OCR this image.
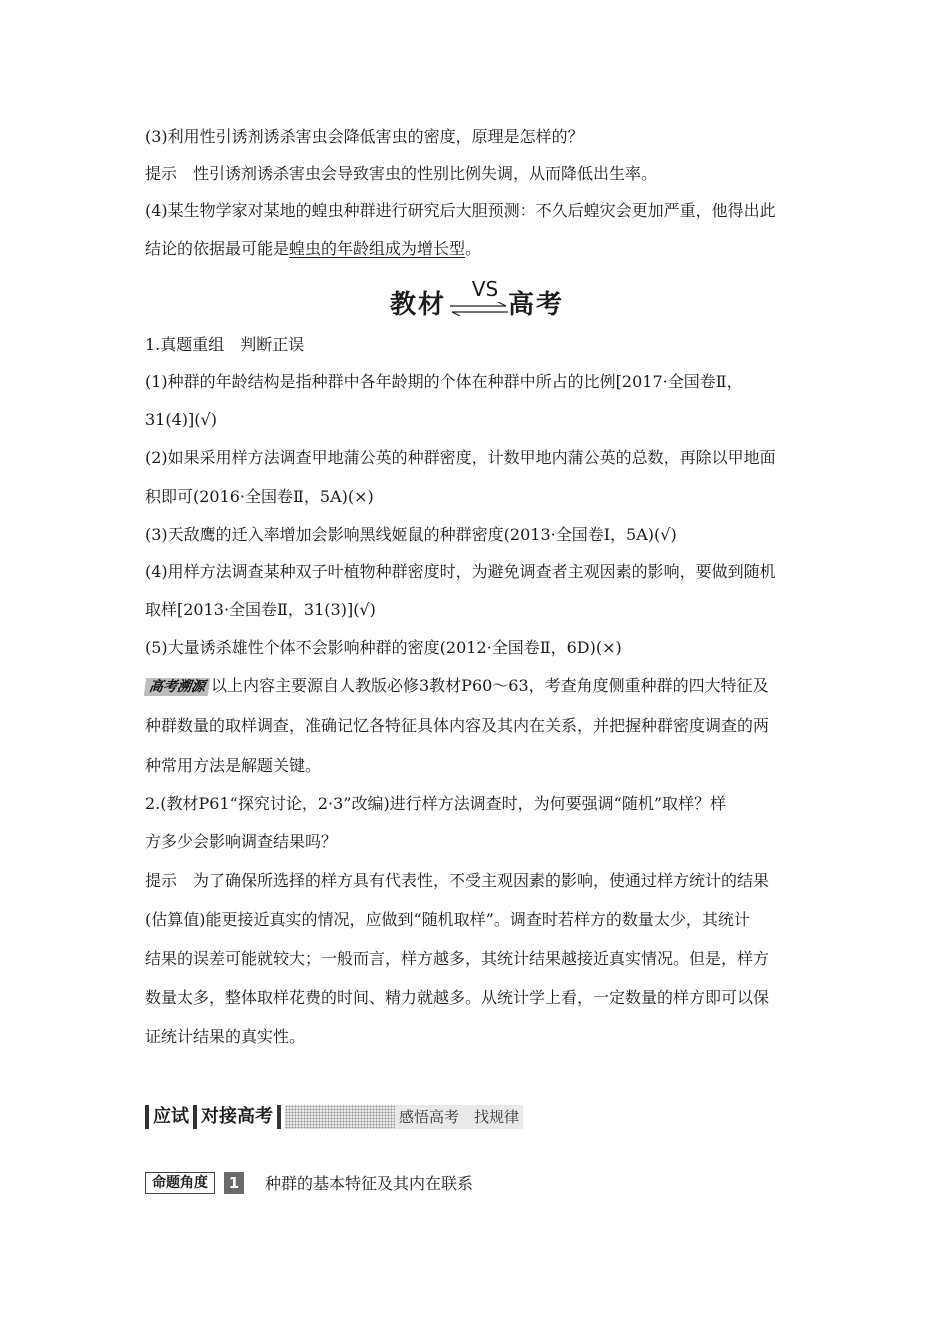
(3)利用性引诱剂诱杀害虫会降低害虫的密度，原理是怎样的？
提示　性引诱剂诱杀害虫会导致害虫的性别比例失调，从而降低出生率。
(4)某生物学家对某地的蝗虫种群进行研究后大胆预测：不久后蝗灾会更加严重，他得出此
结论的依据最可能是蝗虫的年龄组成为增长型。
教材
VS
高考
1.真题重组　判断正误
(1)种群的年龄结构是指种群中各年龄期的个体在种群中所占的比例[2017·全国卷Ⅱ，
31(4)](√)
(2)如果采用样方法调查甲地蒲公英的种群密度，计数甲地内蒲公英的总数，再除以甲地面
积即可(2016·全国卷Ⅱ，5A)(×)
(3)天敌鹰的迁入率增加会影响黑线姬鼠的种群密度(2013·全国卷Ⅰ，5A)(√)
(4)用样方法调查某种双子叶植物种群密度时，为避免调查者主观因素的影响，要做到随机
取样[2013·全国卷Ⅱ，31(3)](√)
(5)大量诱杀雄性个体不会影响种群的密度(2012·全国卷Ⅱ，6D)(×)
高考溯源 以上内容主要源自人教版必修3教材P60～63，考查角度侧重种群的四大特征及
种群数量的取样调查，准确记忆各特征具体内容及其内在关系，并把握种群密度调查的两
种常用方法是解题关键。
2.(教材P61“探究讨论，2·3”改编)进行样方法调查时，为何要强调“随机”取样？样
方多少会影响调查结果吗？
提示　为了确保所选择的样方具有代表性，不受主观因素的影响，使通过样方统计的结果
(估算值)能更接近真实的情况，应做到“随机取样”。调查时若样方的数量太少，其统计
结果的误差可能就较大；一般而言，样方越多，其统计结果越接近真实情况。但是，样方
数量太多，整体取样花费的时间、精力就越多。从统计学上看，一定数量的样方即可以保
证统计结果的真实性。
应试 对接高考	感悟高考　找规律
命题角度	1 种群的基本特征及其内在联系
